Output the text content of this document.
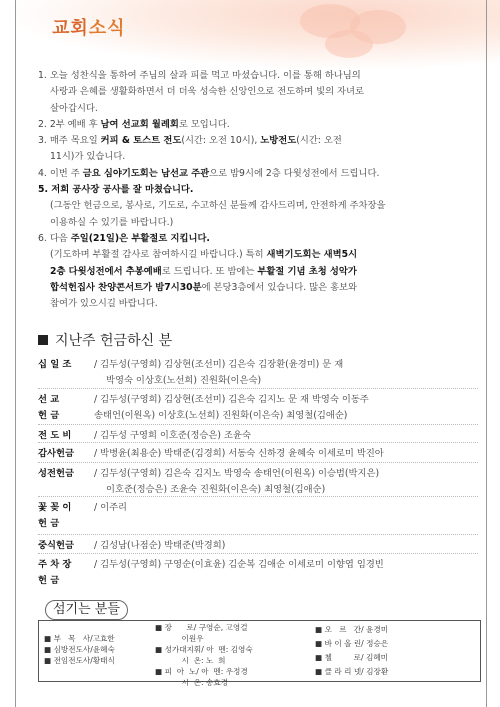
교회소식

1. 오늘 성찬식을 통하여 주님의 살과 피를 먹고 마셨습니다. 이를 통해 하나님의

사랑과 은혜를 생활화하면서 더 더욱 성숙한 신앙인으로 전도하며 빛의 자녀로

살아갑시다.

2. 2부 예배 후 남여 선교회 월례회로 모입니다.

3. 매주 목요일 커피 & 토스트 전도(시간: 오전 10시), 노방전도(시간: 오전

11시)가 있습니다.

4. 이번 주 금요 심야기도회는 남선교 주관으로 밤9시에 2층 다윗성전에서 드립니다.

5. 저희 공사장 공사를 잘 마쳤습니다.

(그동안 헌금으로, 봉사로, 기도로, 수고하신 분들께 감사드리며, 안전하게 주차장을

이용하실 수 있기를 바랍니다.)

6. 다음 주일(21일)은 부활절로 지킵니다.

(기도하며 부활절 감사로 참여하시길 바랍니다.) 특히 새벽기도회는 새벽5시

2층 다윗성전에서 추봉예배로 드립니다. 또 밤에는 부활절 기념 초청 성악가

합석헌집사 찬양콘서트가 밤7시30분에 본당3층에서 있습니다. 많은 홍보와

참여가 있으시길 바랍니다.

지난주 헌금하신 분
십 일 조	/ 김두성(구영희) 김상현(조선미) 김은숙 김장환(윤경미) 문 재
박영숙 이상호(노선희) 진원화(이은숙)
선 교	/ 김두성(구영희) 김상현(조선미) 김은숙 김지노 문 재 박영숙 이동주
헌 금	송태언(이원옥) 이상호(노선희) 진원화(이은숙) 최영철(김애순)
전 도 비	/ 김두성 구영희 이호준(정승은) 조윤숙
감사헌금	/ 박병윤(최용순) 박태준(김경희) 서동숙 신하경 윤혜숙 이세로미 박진아
성전헌금	/ 김두성(구영희) 김은숙 김지노 박영숙 송태언(이원옥) 이승범(박지은)
이호준(정승은) 조윤숙 진원화(이은숙) 최영철(김애순)
꽃 꽂 이	/ 이주리
헌 금
중식헌금	/ 김성남(나점순) 박태준(박경희)
주 차 장	/ 김두성(구영희) 구영순(이효윤) 김순복 김애순 이세로미 이향엽 임경빈
헌 금
■ 부   목   사/고효한
■ 심방전도사/윤혜숙
■ 전임전도사/황태식
■ 장      로/ 구영순, 고영걸
이원우
■ 성가대지휘/ 아  멘: 김영숙
시  온: 노  희
■ 피  아  노/ 아  멘: 우정경
시  온: 송효경
■ 오   르   간/ 윤경미
■ 바 이 올 린/ 정승은
■ 첼         로/ 김혜미
■ 클 라 리 넷/ 김장환
섬기는 분들
